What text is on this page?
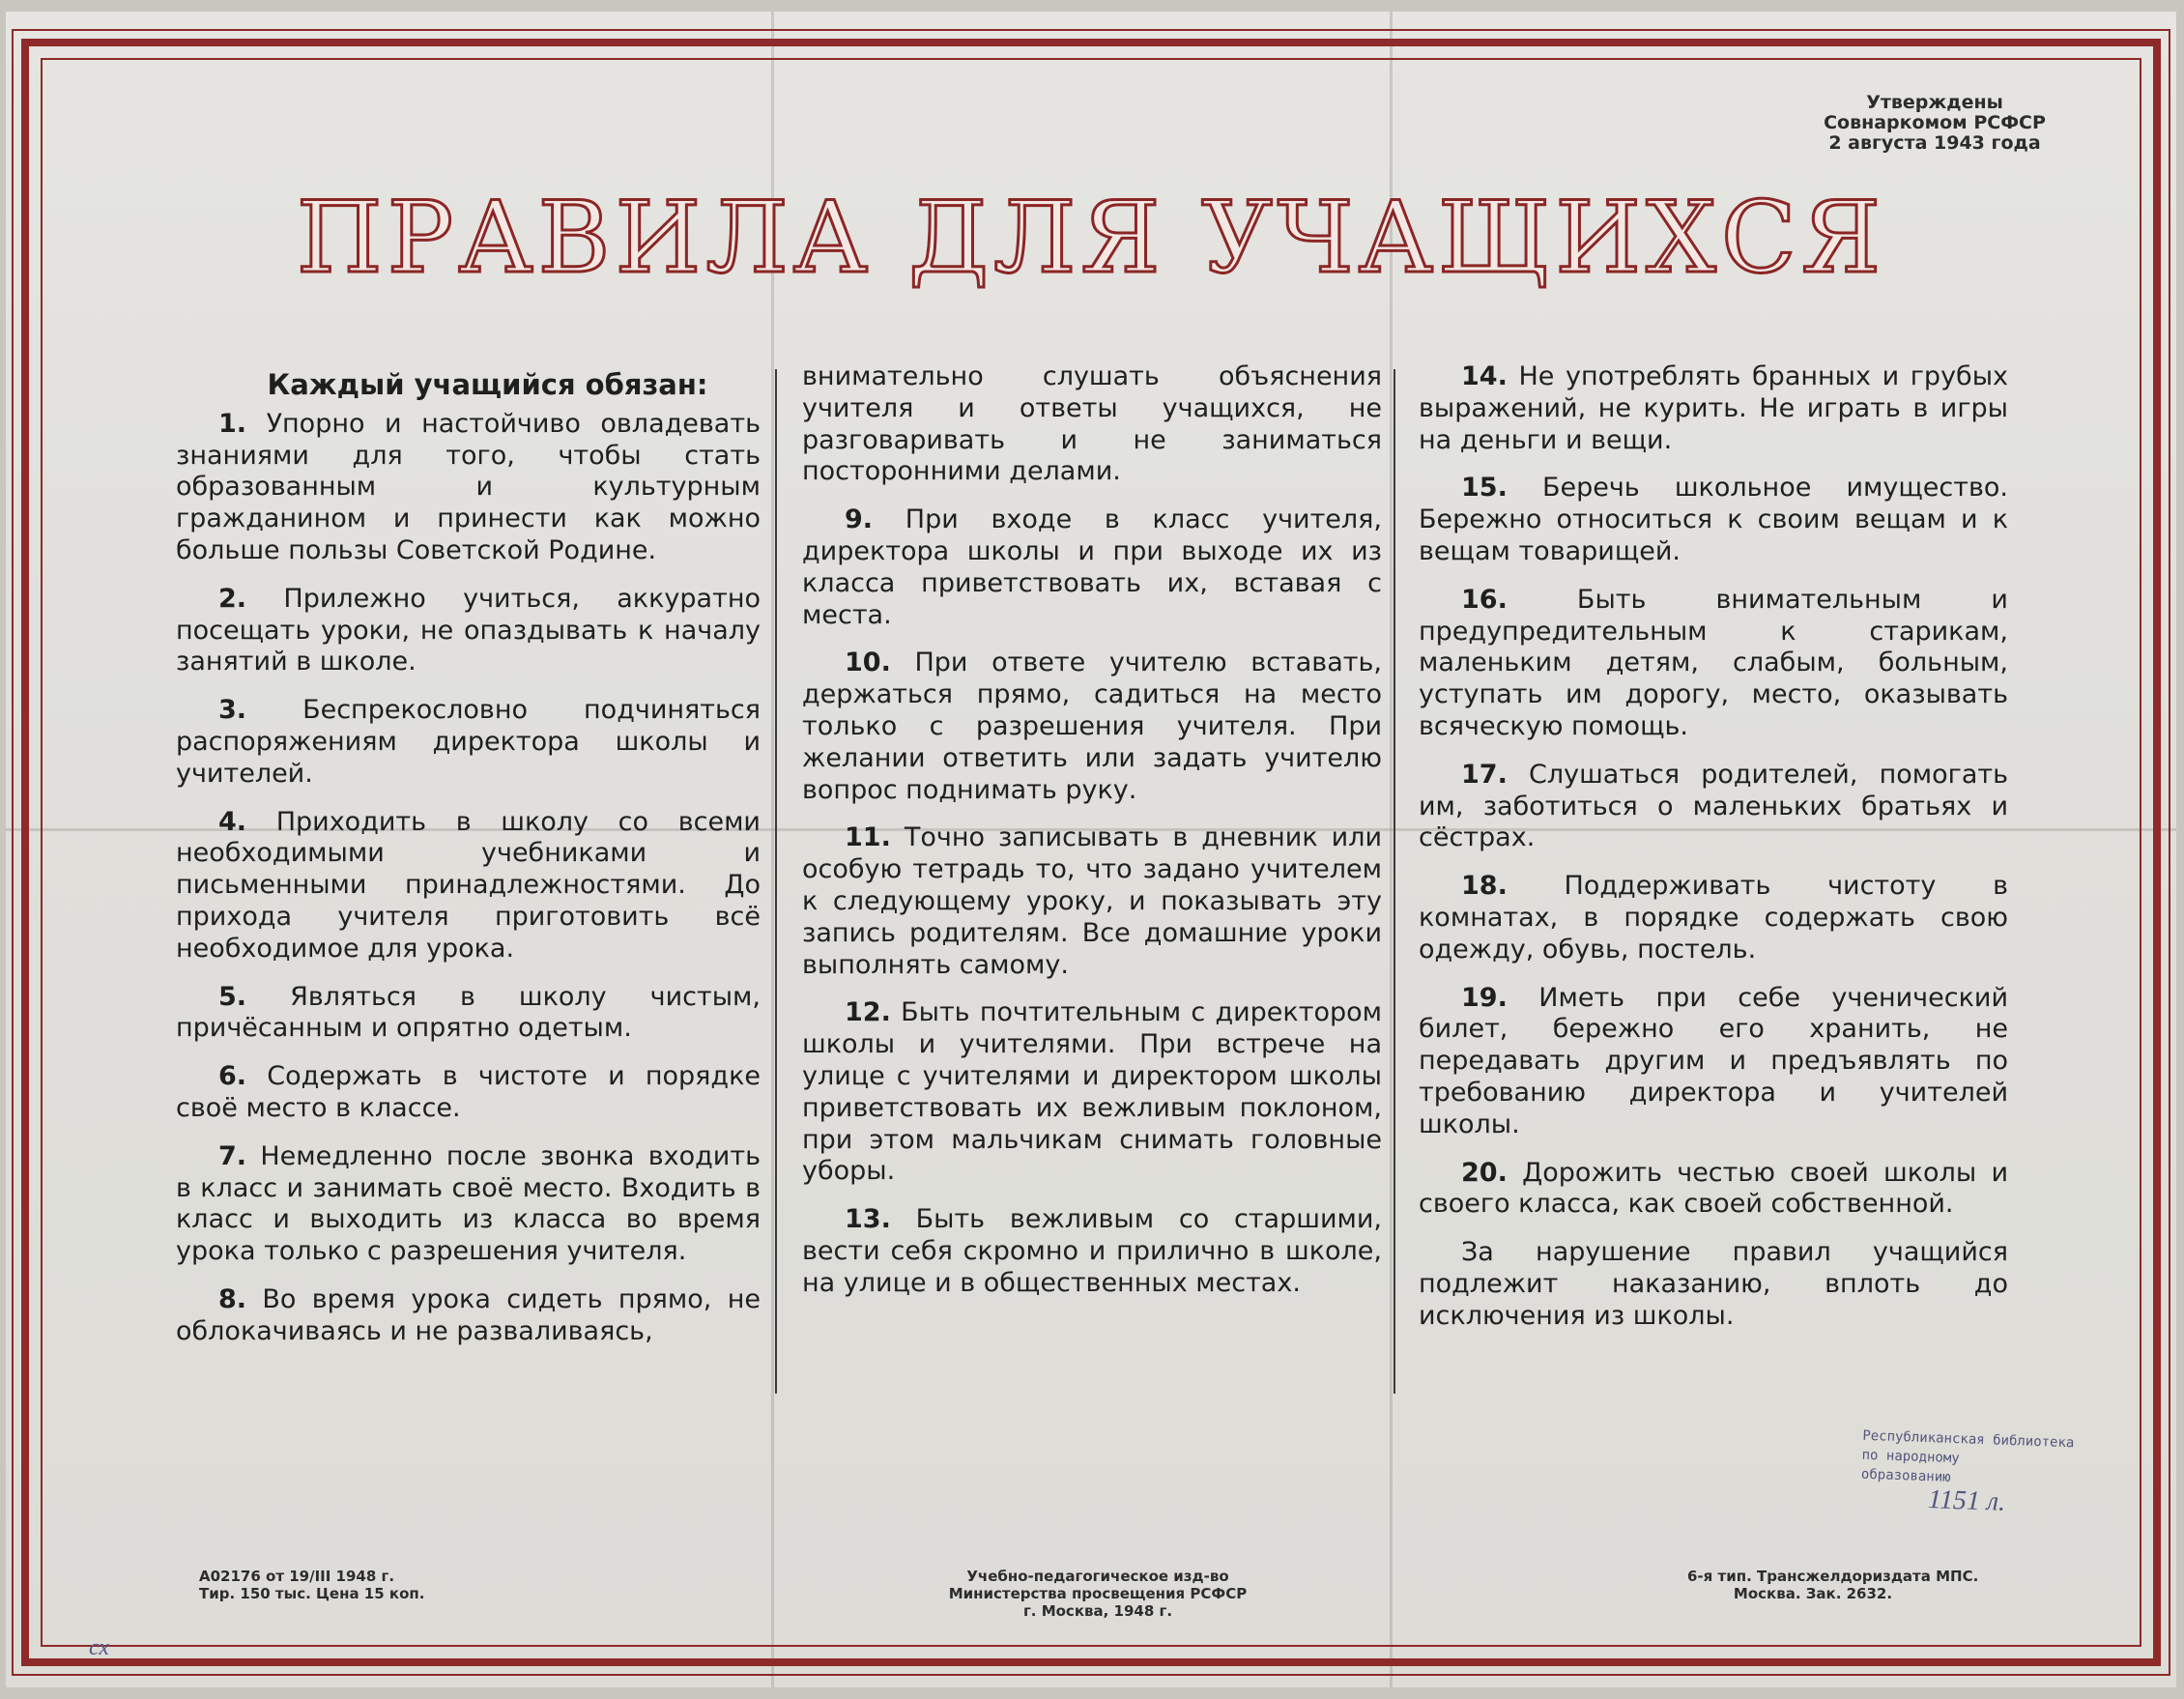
Утверждены
Совнаркомом РСФСР
2 августа 1943 года
ПРАВИЛА ДЛЯ УЧАЩИХСЯ
Каждый учащийся обязан:

1. Упорно и настойчиво овладевать знаниями для того, чтобы стать образованным и культурным гражданином и принести как можно больше пользы Советской Родине.

2. Прилежно учиться, аккуратно посещать уроки, не опаздывать к началу занятий в школе.

3. Беспрекословно подчиняться распоряжениям директора школы и учителей.

4. Приходить в школу со всеми необходимыми учебниками и письменными принадлежностями. До прихода учителя приготовить всё необходимое для урока.

5. Являться в школу чистым, причёсанным и опрятно одетым.

6. Содержать в чистоте и порядке своё место в классе.

7. Немедленно после звонка входить в класс и занимать своё место. Входить в класс и выходить из класса во время урока только с разрешения учителя.

8. Во время урока сидеть прямо, не облокачиваясь и не разваливаясь,

внимательно слушать объяснения учителя и ответы учащихся, не разговаривать и не заниматься посторонними делами.

9. При входе в класс учителя, директора школы и при выходе их из класса приветствовать их, вставая с места.

10. При ответе учителю вставать, держаться прямо, садиться на место только с разрешения учителя. При желании ответить или задать учителю вопрос поднимать руку.

11. Точно записывать в дневник или особую тетрадь то, что задано учителем к следующему уроку, и показывать эту запись родителям. Все домашние уроки выполнять самому.

12. Быть почтительным с директором школы и учителями. При встрече на улице с учителями и директором школы приветствовать их вежливым поклоном, при этом мальчикам снимать головные уборы.

13. Быть вежливым со старшими, вести себя скромно и прилично в школе, на улице и в общественных местах.

14. Не употреблять бранных и грубых выражений, не курить. Не играть в игры на деньги и вещи.

15. Беречь школьное имущество. Бережно относиться к своим вещам и к вещам товарищей.

16.	Быть внимательным и предупредительным к старикам, маленьким детям, слабым, больным, уступать им дорогу, место, оказывать всяческую помощь.

17. Слушаться родителей, помогать им, заботиться о маленьких братьях и сёстрах.

18. Поддерживать чистоту в комнатах, в порядке содержать свою одежду, обувь, постель.

19. Иметь при себе ученический билет, бережно его хранить, не передавать другим и предъявлять по требованию директора и учителей школы.

20. Дорожить честью своей школы и своего класса, как своей собственной.

За нарушение правил учащийся подлежит наказанию, вплоть до исключения из школы.

А02176 от 19/III 1948 г.
Тир. 150 тыс. Цена 15 коп.
Учебно-педагогическое изд-во
Министерства просвещения РСФСР
г. Москва, 1948 г.
6-я тип. Трансжелдориздата МПС.
Москва. Зак. 2632.
Республиканская библиотека
по народному
образованию
1151 л.
сх
